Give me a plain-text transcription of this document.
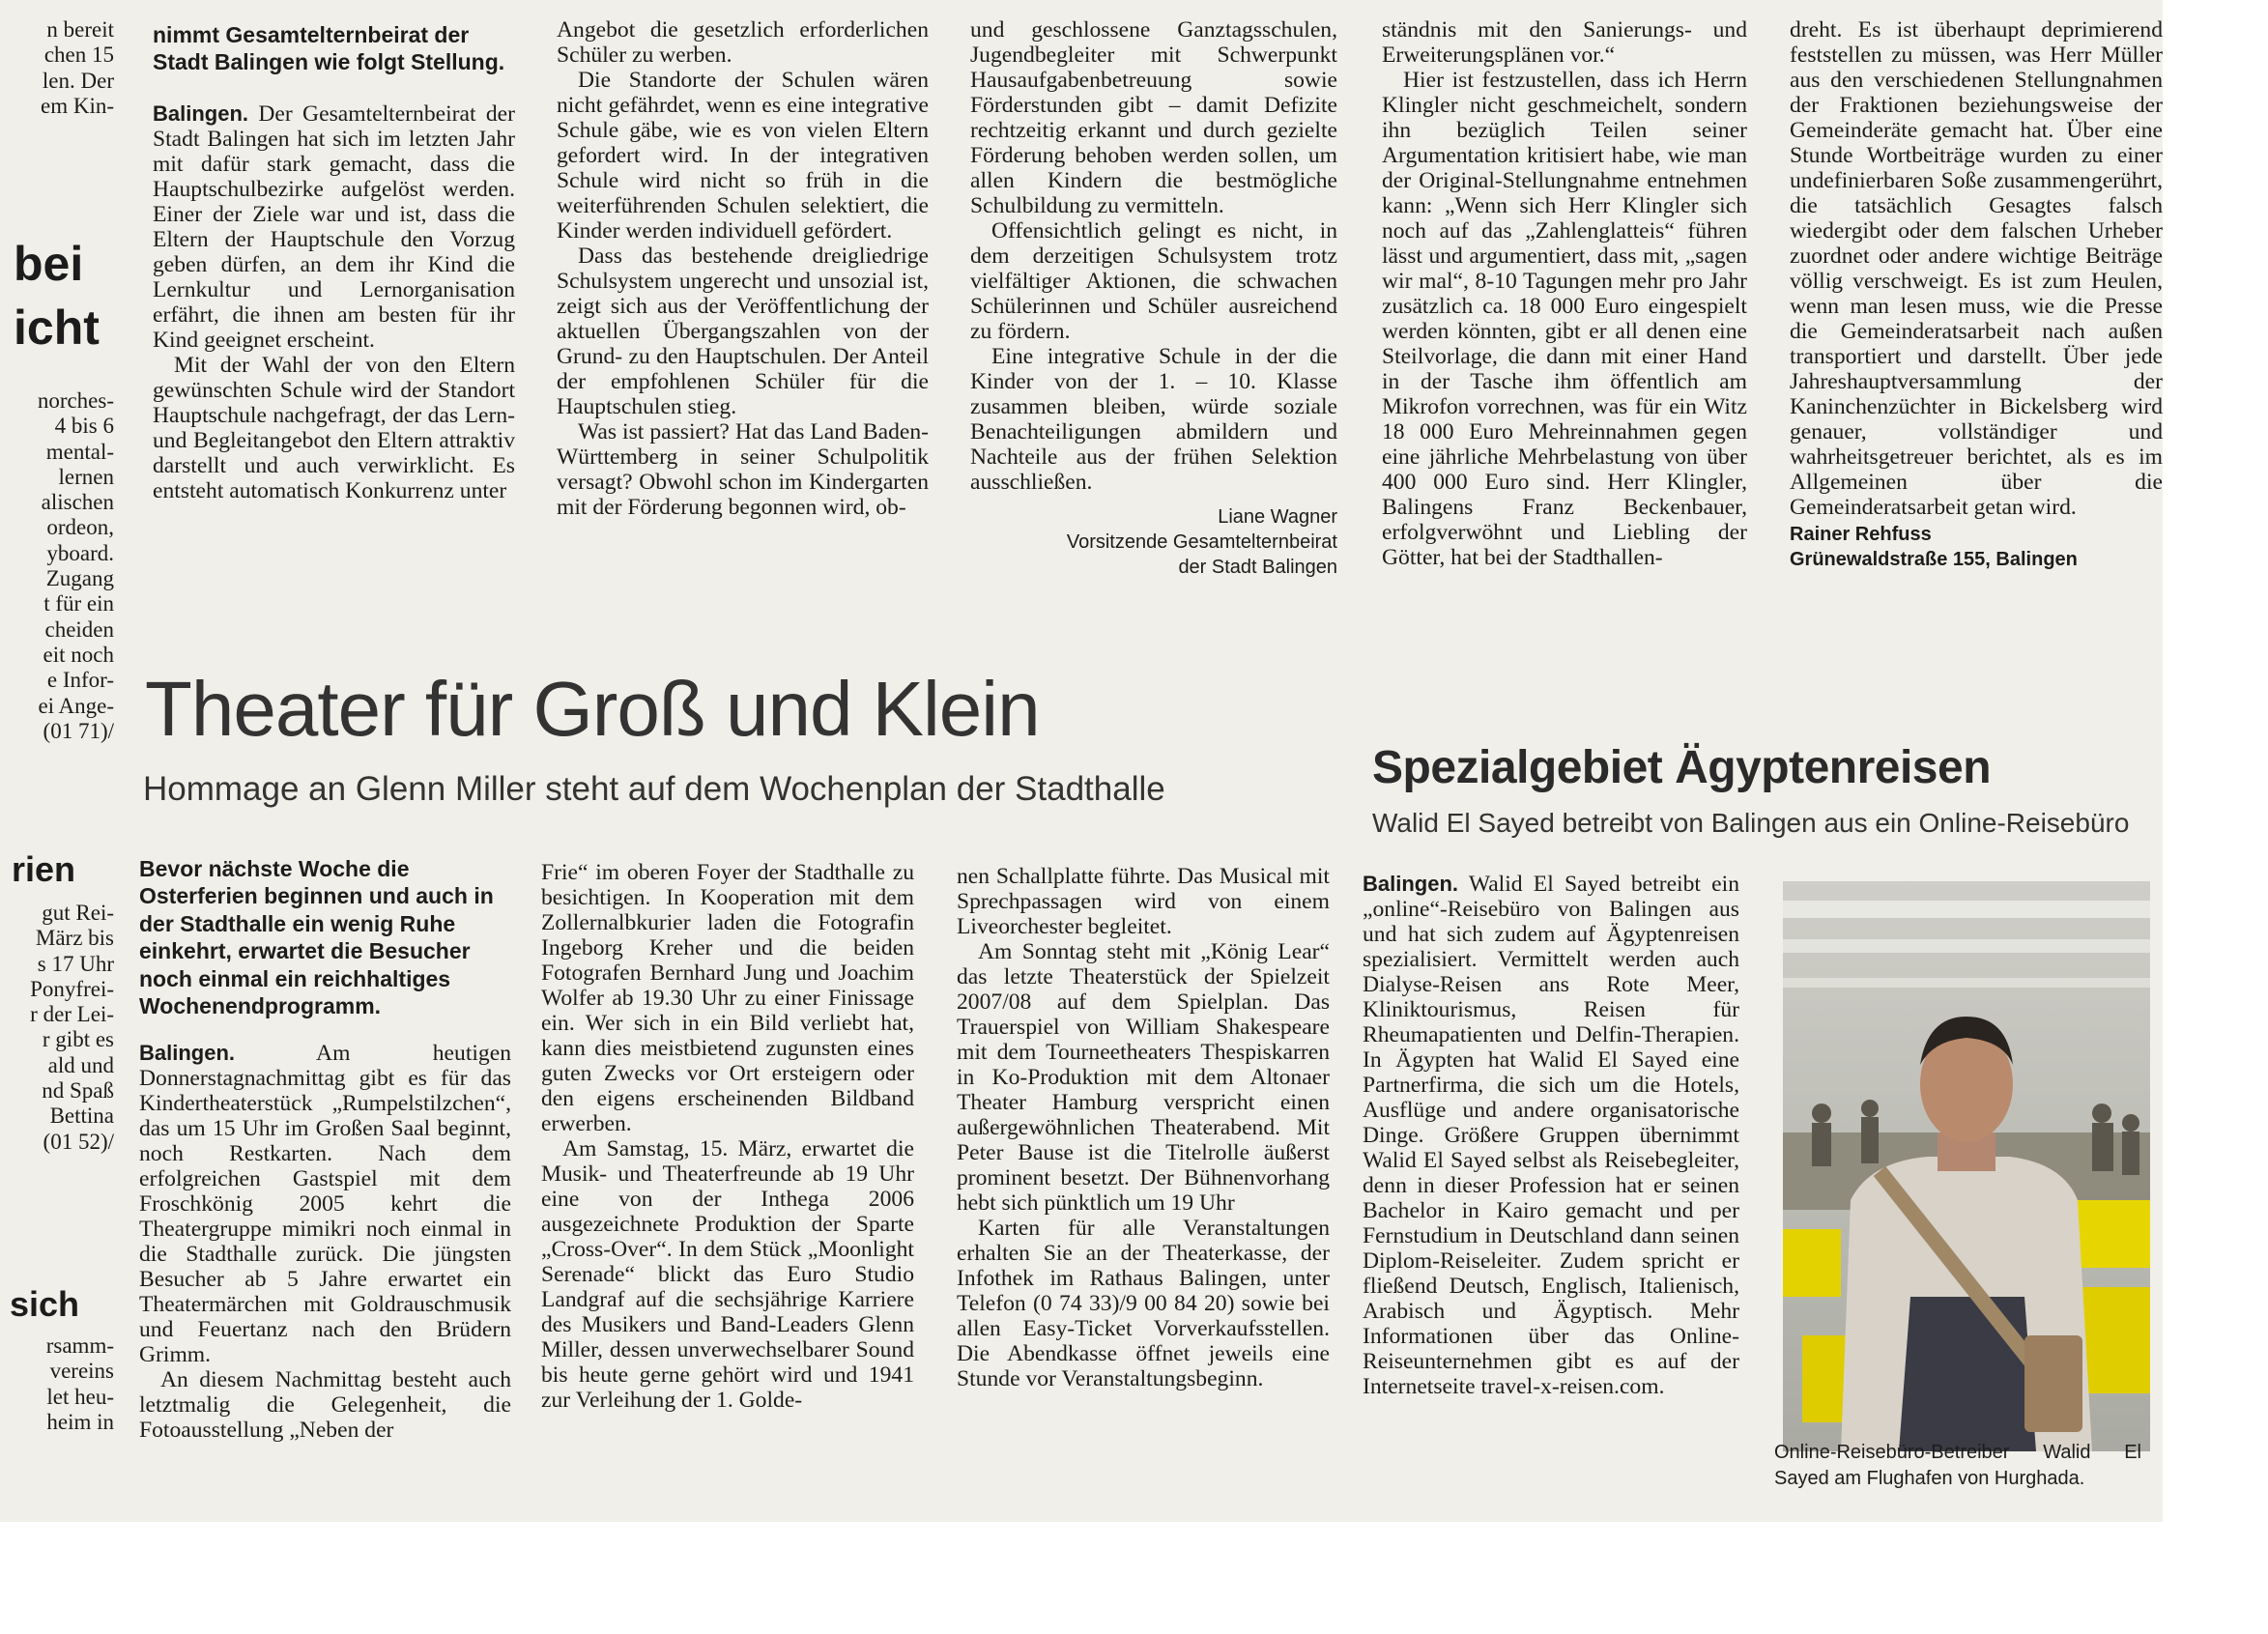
n bereit
chen 15
len. Der
em Kin-
bei
icht
norches-
4 bis 6
mental-
lernen
alischen
ordeon,
yboard.
Zugang
t für ein
cheiden
eit noch
e Infor-
ei Ange-
(01 71)/
rien
gut Rei-
März bis
s 17 Uhr
Ponyfrei-
r der Lei-
r gibt es
ald und
nd Spaß
Bettina
(01 52)/
sich
rsamm-
vereins
let heu-
heim in

nimmt Gesamtelternbeirat der Stadt Balingen wie folgt Stellung.

Balingen. Der Gesamtelternbeirat der Stadt Balingen hat sich im letzten Jahr mit dafür stark gemacht, dass die Hauptschulbezirke aufgelöst werden. Einer der Ziele war und ist, dass die Eltern der Hauptschule den Vorzug geben dürfen, an dem ihr Kind die Lernkultur und Lernorganisation erfährt, die ihnen am besten für ihr Kind geeignet erscheint.

Mit der Wahl der von den Eltern gewünschten Schule wird der Standort Hauptschule nachgefragt, der das Lern- und Begleitangebot den Eltern attraktiv darstellt und auch verwirklicht. Es entsteht automatisch Konkurrenz unter

Angebot die gesetzlich erforderlichen Schüler zu werben.

Die Standorte der Schulen wären nicht gefährdet, wenn es eine integrative Schule gäbe, wie es von vielen Eltern gefordert wird. In der integrativen Schule wird nicht so früh in die weiterführenden Schulen selektiert, die Kinder werden individuell gefördert.

Dass das bestehende dreigliedrige Schulsystem ungerecht und unsozial ist, zeigt sich aus der Veröffentlichung der aktuellen Übergangszahlen von der Grund- zu den Hauptschulen. Der Anteil der empfohlenen Schüler für die Hauptschulen stieg.

Was ist passiert? Hat das Land Baden-Württemberg in seiner Schulpolitik versagt? Obwohl schon im Kindergarten mit der Förderung begonnen wird, ob-

und geschlossene Ganztagsschulen, Jugendbegleiter mit Schwerpunkt Hausaufgabenbetreuung sowie Förderstunden gibt – damit Defizite rechtzeitig erkannt und durch gezielte Förderung behoben werden sollen, um allen Kindern die bestmögliche Schulbildung zu vermitteln.

Offensichtlich gelingt es nicht, in dem derzeitigen Schulsystem trotz vielfältiger Aktionen, die schwachen Schülerinnen und Schüler ausreichend zu fördern.

Eine integrative Schule in der die Kinder von der 1. – 10. Klasse zusammen bleiben, würde soziale Benachteiligungen abmildern und Nachteile aus der frühen Selektion ausschließen.

Liane Wagner
Vorsitzende Gesamtelternbeirat
der Stadt Balingen

ständnis mit den Sanierungs- und Erweiterungsplänen vor.“

Hier ist festzustellen, dass ich Herrn Klingler nicht geschmeichelt, sondern ihn bezüglich Teilen seiner Argumentation kritisiert habe, wie man der Original-Stellungnahme entnehmen kann: „Wenn sich Herr Klingler sich noch auf das „Zahlenglatteis“ führen lässt und argumentiert, dass mit, „sagen wir mal“, 8-10 Tagungen mehr pro Jahr zusätzlich ca. 18 000 Euro eingespielt werden könnten, gibt er all denen eine Steilvorlage, die dann mit einer Hand in der Tasche ihm öffentlich am Mikrofon vorrechnen, was für ein Witz 18 000 Euro Mehreinnahmen gegen eine jährliche Mehrbelastung von über 400 000 Euro sind. Herr Klingler, Balingens Franz Beckenbauer, erfolgverwöhnt und Liebling der Götter, hat bei der Stadthallen-

dreht. Es ist überhaupt deprimierend feststellen zu müssen, was Herr Müller aus den verschiedenen Stellungnahmen der Fraktionen beziehungsweise der Gemeinderäte gemacht hat. Über eine Stunde Wortbeiträge wurden zu einer undefinierbaren Soße zusammengerührt, die tatsächlich Gesagtes falsch wiedergibt oder dem falschen Urheber zuordnet oder andere wichtige Beiträge völlig verschweigt. Es ist zum Heulen, wenn man lesen muss, wie die Presse die Gemeinderatsarbeit nach außen transportiert und darstellt. Über jede Jahreshauptversammlung der Kaninchenzüchter in Bickelsberg wird genauer, vollständiger und wahrheitsgetreuer berichtet, als es im Allgemeinen über die Gemeinderatsarbeit getan wird.

Rainer Rehfuss
Grünewaldstraße 155, Balingen
Theater für Groß und Klein
Hommage an Glenn Miller steht auf dem Wochenplan der Stadthalle

Bevor nächste Woche die Osterferien beginnen und auch in der Stadthalle ein wenig Ruhe einkehrt, erwartet die Besucher noch einmal ein reichhaltiges Wochenendprogramm.

Balingen.	Am heutigen Donnerstagnachmittag gibt es für das Kindertheaterstück „Rumpelstilzchen“, das um 15 Uhr im Großen Saal beginnt, noch Restkarten. Nach dem erfolgreichen Gastspiel mit dem Froschkönig 2005 kehrt die Theatergruppe mimikri noch einmal in die Stadthalle zurück. Die jüngsten Besucher ab 5 Jahre erwartet ein Theatermärchen mit Goldrauschmusik und Feuertanz nach den Brüdern Grimm.

An diesem Nachmittag besteht auch letztmalig die Gelegenheit, die Fotoausstellung „Neben der

Frie“ im oberen Foyer der Stadthalle zu besichtigen. In Kooperation mit dem Zollernalbkurier laden die Fotografin Ingeborg Kreher und die beiden Fotografen Bernhard Jung und Joachim Wolfer ab 19.30 Uhr zu einer Finissage ein. Wer sich in ein Bild verliebt hat, kann dies meistbietend zugunsten eines guten Zwecks vor Ort ersteigern oder den eigens erscheinenden Bildband erwerben.

Am Samstag, 15. März, erwartet die Musik- und Theaterfreunde ab 19 Uhr eine von der Inthega 2006 ausgezeichnete Produktion der Sparte „Cross-Over“. In dem Stück „Moonlight Serenade“ blickt das Euro Studio Landgraf auf die sechsjährige Karriere des Musikers und Band-Leaders Glenn Miller, dessen unverwechselbarer Sound bis heute gerne gehört wird und 1941 zur Verleihung der 1. Golde-

nen Schallplatte führte. Das Musical mit Sprechpassagen wird von einem Liveorchester begleitet.

Am Sonntag steht mit „König Lear“ das letzte Theaterstück der Spielzeit 2007/08 auf dem Spielplan. Das Trauerspiel von William Shakespeare mit dem Tourneetheaters Thespiskarren in Ko-Produktion mit dem Altonaer Theater Hamburg verspricht einen außergewöhnlichen Theaterabend. Mit Peter Bause ist die Titelrolle äußerst prominent besetzt. Der Bühnenvorhang hebt sich pünktlich um 19 Uhr

Karten für alle Veranstaltungen erhalten Sie an der Theaterkasse, der Infothek im Rathaus Balingen, unter Telefon (0 74 33)/9 00 84 20) sowie bei allen Easy-Ticket Vorverkaufsstellen. Die Abendkasse öffnet jeweils eine Stunde vor Veranstaltungsbeginn.

Spezialgebiet Ägyptenreisen
Walid El Sayed betreibt von Balingen aus ein Online-Reisebüro

Balingen. Walid El Sayed betreibt ein „online“-Reisebüro von Balingen aus und hat sich zudem auf Ägyptenreisen spezialisiert. Vermittelt werden auch Dialyse-Reisen ans Rote Meer, Kliniktourismus, Reisen für Rheumapatienten und Delfin-Therapien. In Ägypten hat Walid El Sayed eine Partnerfirma, die sich um die Hotels, Ausflüge und andere organisatorische Dinge. Größere Gruppen übernimmt Walid El Sayed selbst als Reisebegleiter, denn in dieser Profession hat er seinen Bachelor in Kairo gemacht und per Fernstudium in Deutschland dann seinen Diplom-Reiseleiter. Zudem spricht er fließend Deutsch, Englisch, Italienisch, Arabisch und Ägyptisch. Mehr Informationen über das Online-Reiseunternehmen gibt es auf der Internetseite travel-x-reisen.com.

Online-Reisebüro-Betreiber Walid El Sayed am Flughafen von Hurghada.
